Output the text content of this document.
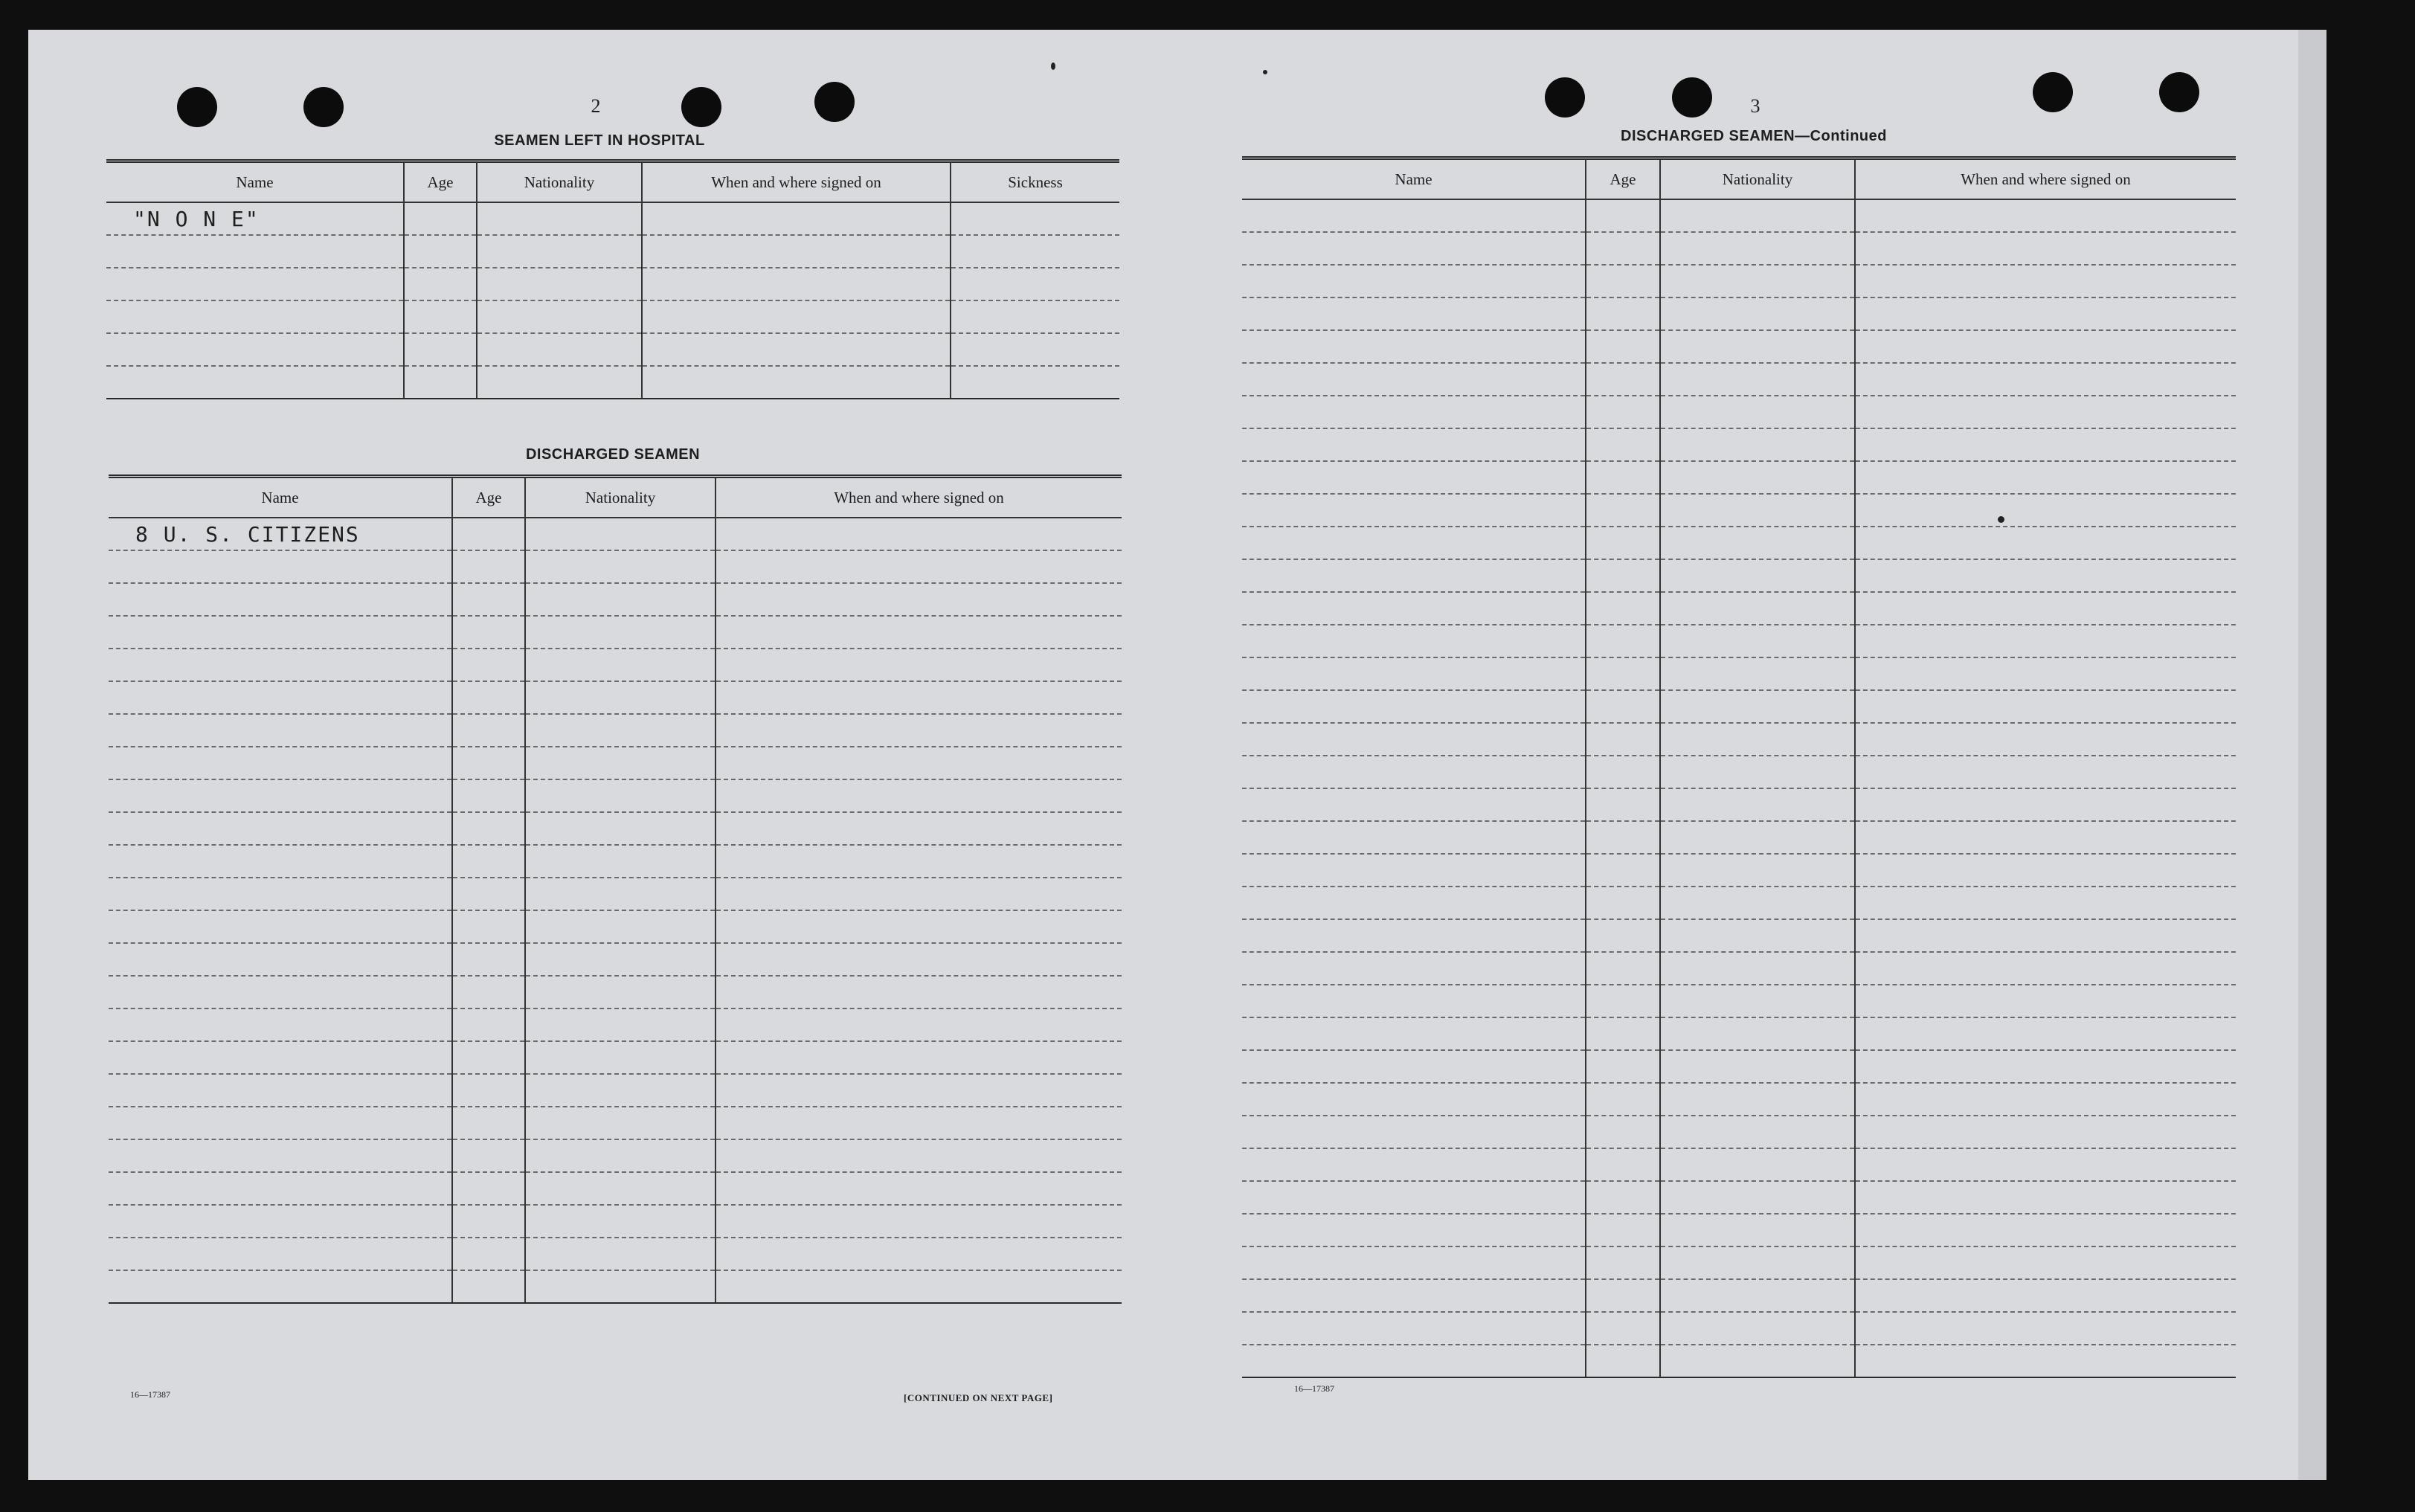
2
SEAMEN LEFT IN HOSPITAL
Name	Age	Nationality	When and where signed on	Sickness
"N O N E"				

DISCHARGED SEAMEN
Name	Age	Nationality	When and where signed on
8 U. S. CITIZENS			

16—17387	[CONTINUED ON NEXT PAGE]
3
DISCHARGED SEAMEN—Continued
Name	Age	Nationality	When and where signed on

16—17387
